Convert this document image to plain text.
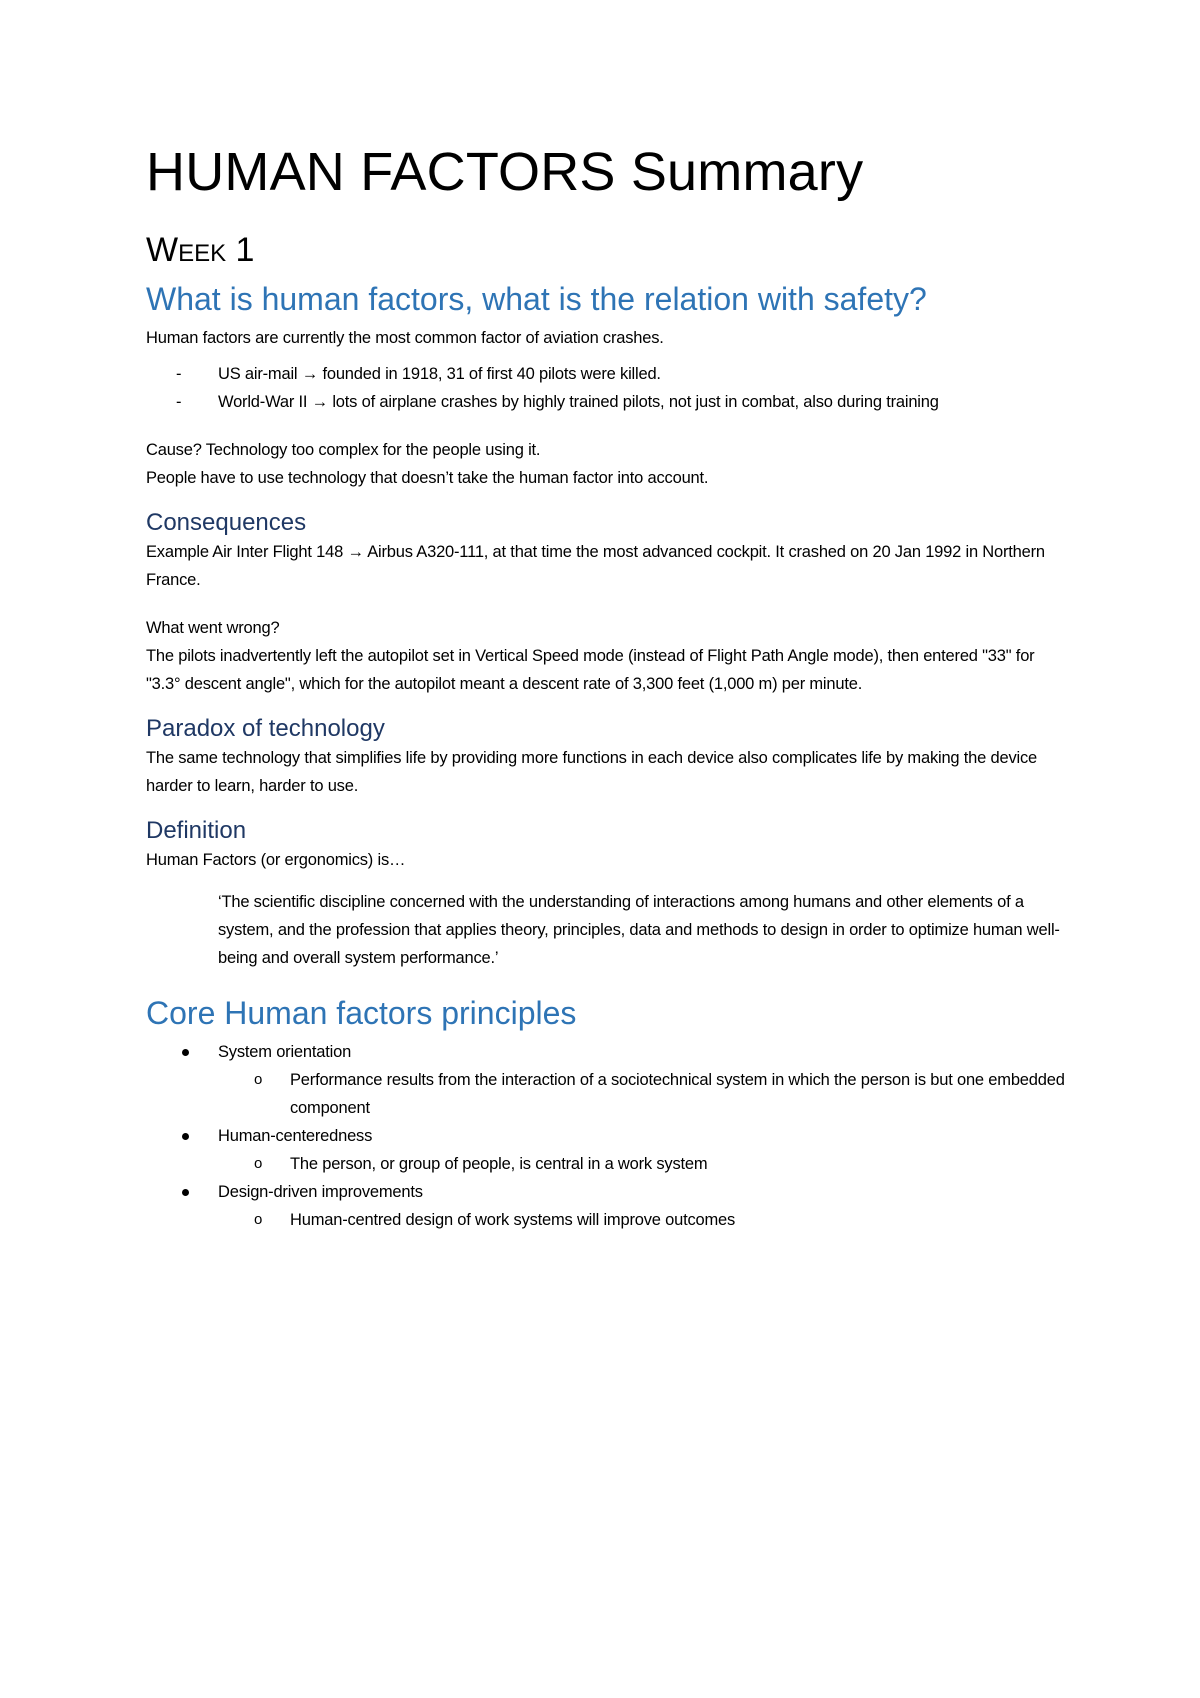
HUMAN FACTORS Summary
Week 1
What is human factors, what is the relation with safety?

Human factors are currently the most common factor of aviation crashes.

- US air-mail → founded in 1918, 31 of first 40 pilots were killed.
- World-War II → lots of airplane crashes by highly trained pilots, not just in combat, also during training

Cause? Technology too complex for the people using it.

People have to use technology that doesn’t take the human factor into account.

Consequences

Example Air Inter Flight 148 → Airbus A320-111, at that time the most advanced cockpit. It crashed on 20 Jan 1992 in Northern France.

What went wrong?

The pilots inadvertently left the autopilot set in Vertical Speed mode (instead of Flight Path Angle mode), then entered "33" for "3.3° descent angle", which for the autopilot meant a descent rate of 3,300 feet (1,000 m) per minute.

Paradox of technology

The same technology that simplifies life by providing more functions in each device also complicates life by making the device harder to learn, harder to use.

Definition

Human Factors (or ergonomics) is…

‘The scientific discipline concerned with the understanding of interactions among humans and other elements of a system, and the profession that applies theory, principles, data and methods to design in order to optimize human well-being and overall system performance.’

Core Human factors principles
System orientation
o Performance results from the interaction of a sociotechnical system in which the person is but one embedded component
Human-centeredness
o The person, or group of people, is central in a work system
Design-driven improvements
o Human-centred design of work systems will improve outcomes
